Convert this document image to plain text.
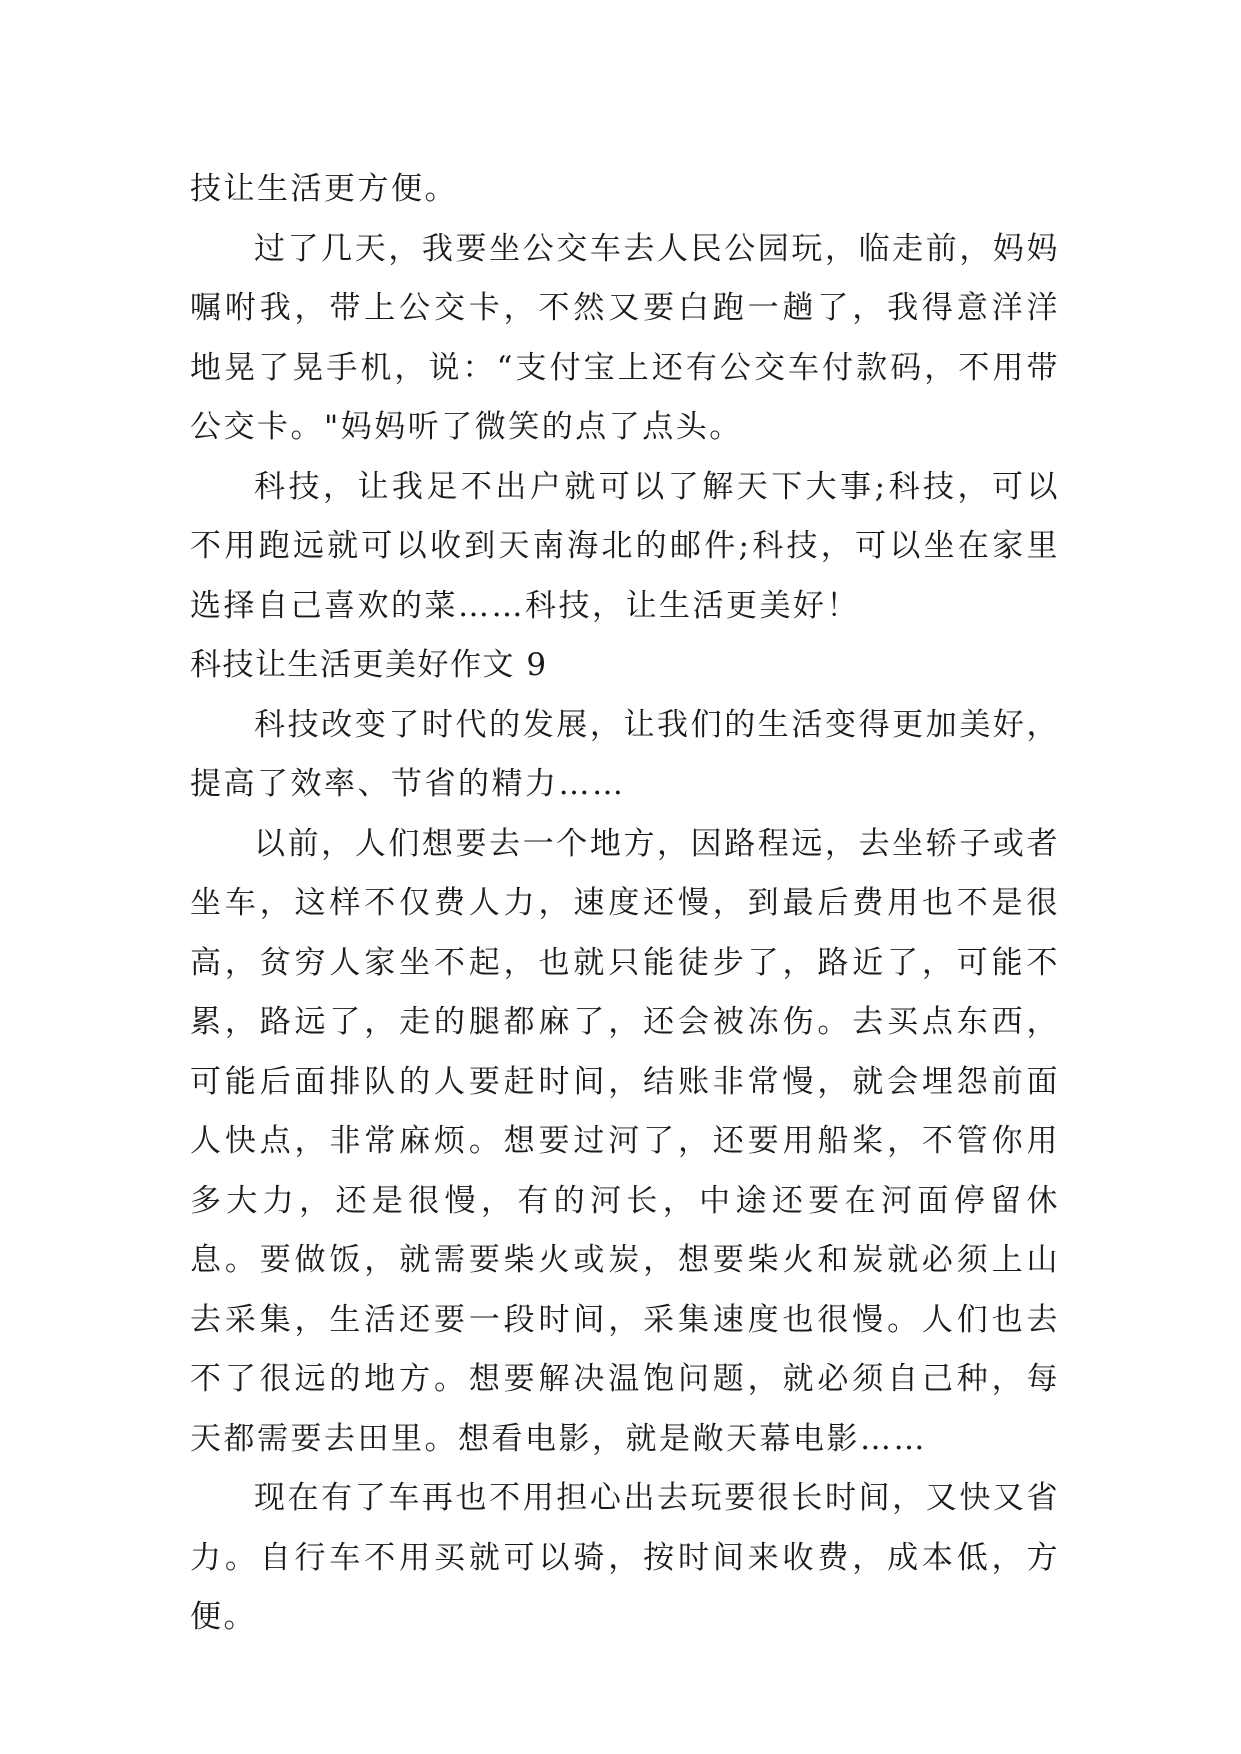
技让生活更方便。

过了几天，我要坐公交车去人民公园玩，临走前，妈妈嘱咐我，带上公交卡，不然又要白跑一趟了，我得意洋洋地晃了晃手机，说：“支付宝上还有公交车付款码，不用带公交卡。"妈妈听了微笑的点了点头。

科技，让我足不出户就可以了解天下大事;科技，可以不用跑远就可以收到天南海北的邮件;科技，可以坐在家里选择自己喜欢的菜……科技，让生活更美好！

科技让生活更美好作文 9

科技改变了时代的发展，让我们的生活变得更加美好，提高了效率、节省的精力……

以前，人们想要去一个地方，因路程远，去坐轿子或者坐车，这样不仅费人力，速度还慢，到最后费用也不是很高，贫穷人家坐不起，也就只能徒步了，路近了，可能不累，路远了，走的腿都麻了，还会被冻伤。去买点东西，可能后面排队的人要赶时间，结账非常慢，就会埋怨前面人快点，非常麻烦。想要过河了，还要用船桨，不管你用多大力，还是很慢，有的河长，中途还要在河面停留休息。要做饭，就需要柴火或炭，想要柴火和炭就必须上山去采集，生活还要一段时间，采集速度也很慢。人们也去不了很远的地方。想要解决温饱问题，就必须自己种，每天都需要去田里。想看电影，就是敞天幕电影……

现在有了车再也不用担心出去玩要很长时间，又快又省力。自行车不用买就可以骑，按时间来收费，成本低，方便。
